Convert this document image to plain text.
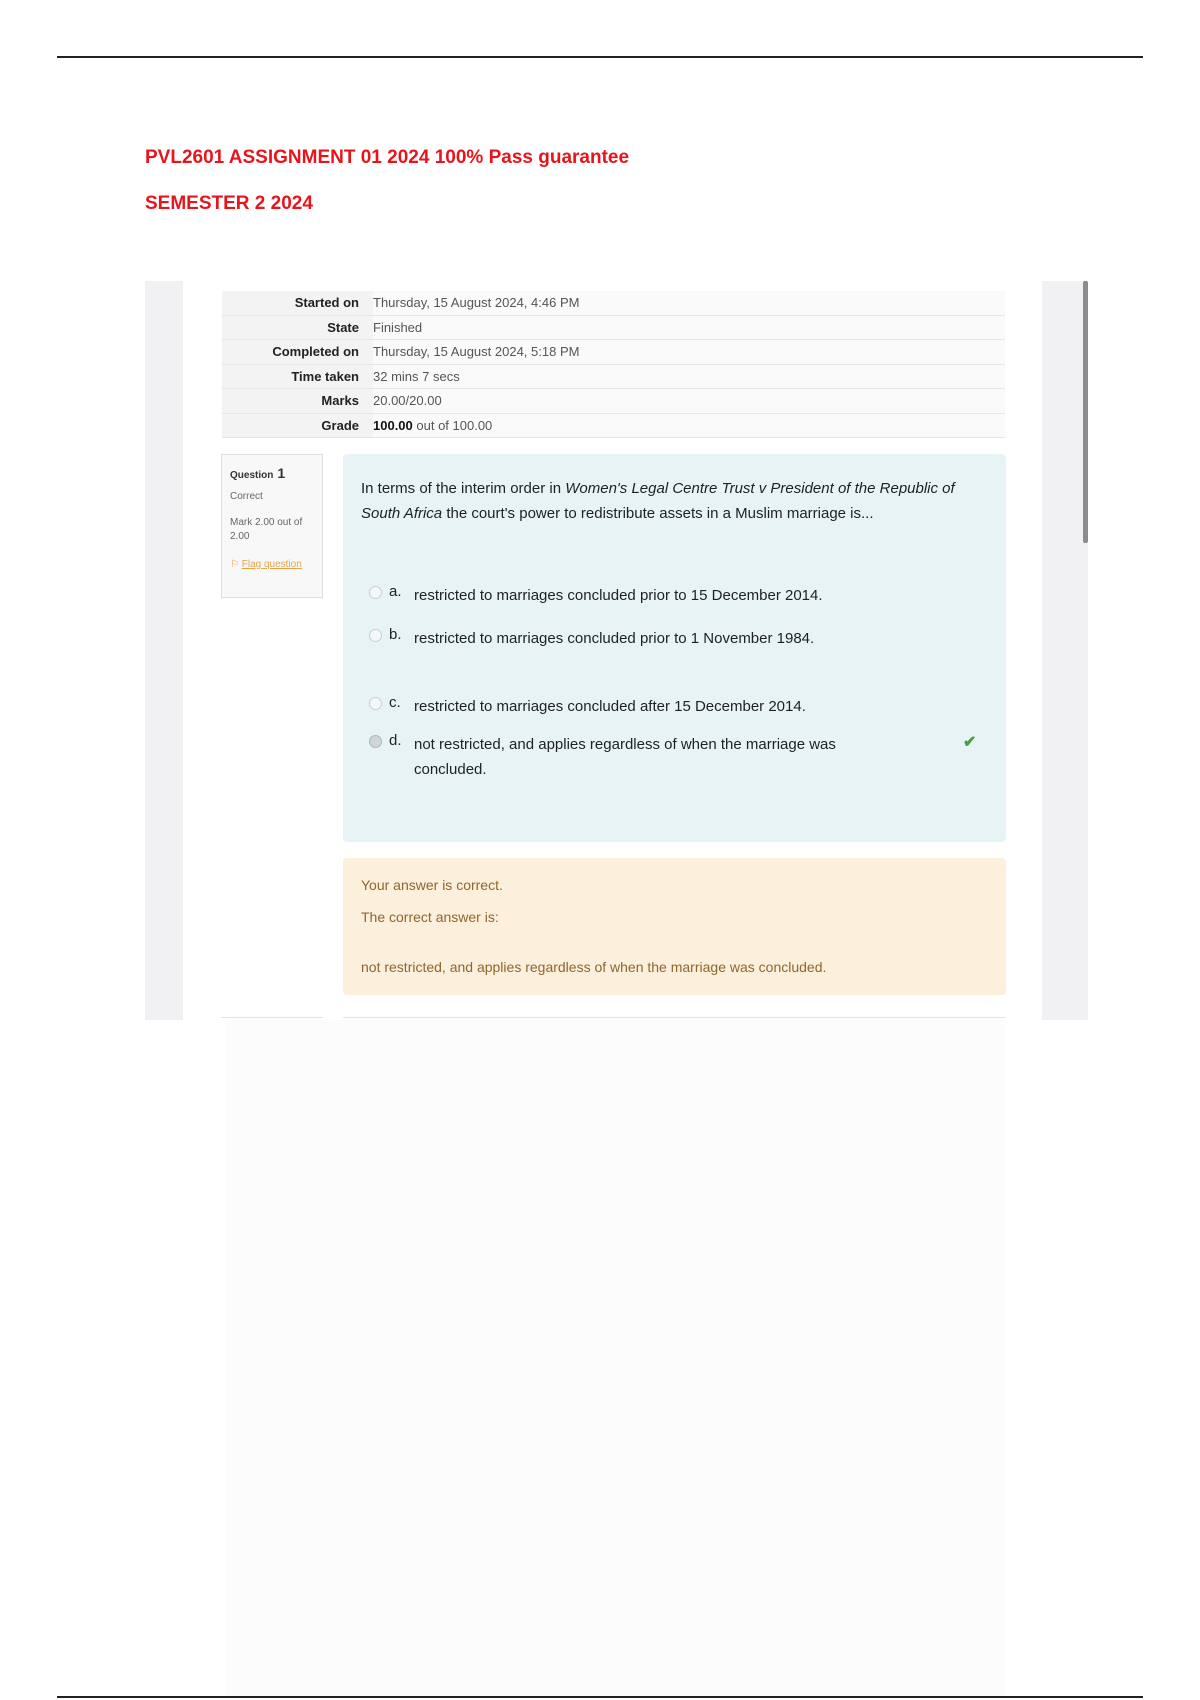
PVL2601 ASSIGNMENT 01 2024 100% Pass guarantee
SEMESTER 2 2024
Started on	Thursday, 15 August 2024, 4:46 PM
State	Finished
Completed on	Thursday, 15 August 2024, 5:18 PM
Time taken	32 mins 7 secs
Marks	20.00/20.00
Grade	100.00 out of 100.00
Question 1
Correct
Mark 2.00 out of 2.00
⚐ Flag question
In terms of the interim order in Women's Legal Centre Trust v President of the Republic of South Africa the court's power to redistribute assets in a Muslim marriage is...
a. restricted to marriages concluded prior to 15 December 2014.
b. restricted to marriages concluded prior to 1 November 1984.
c. restricted to marriages concluded after 15 December 2014.
d. not restricted, and applies regardless of when the marriage was concluded.
✔
Your answer is correct.
The correct answer is:
not restricted, and applies regardless of when the marriage was concluded.
